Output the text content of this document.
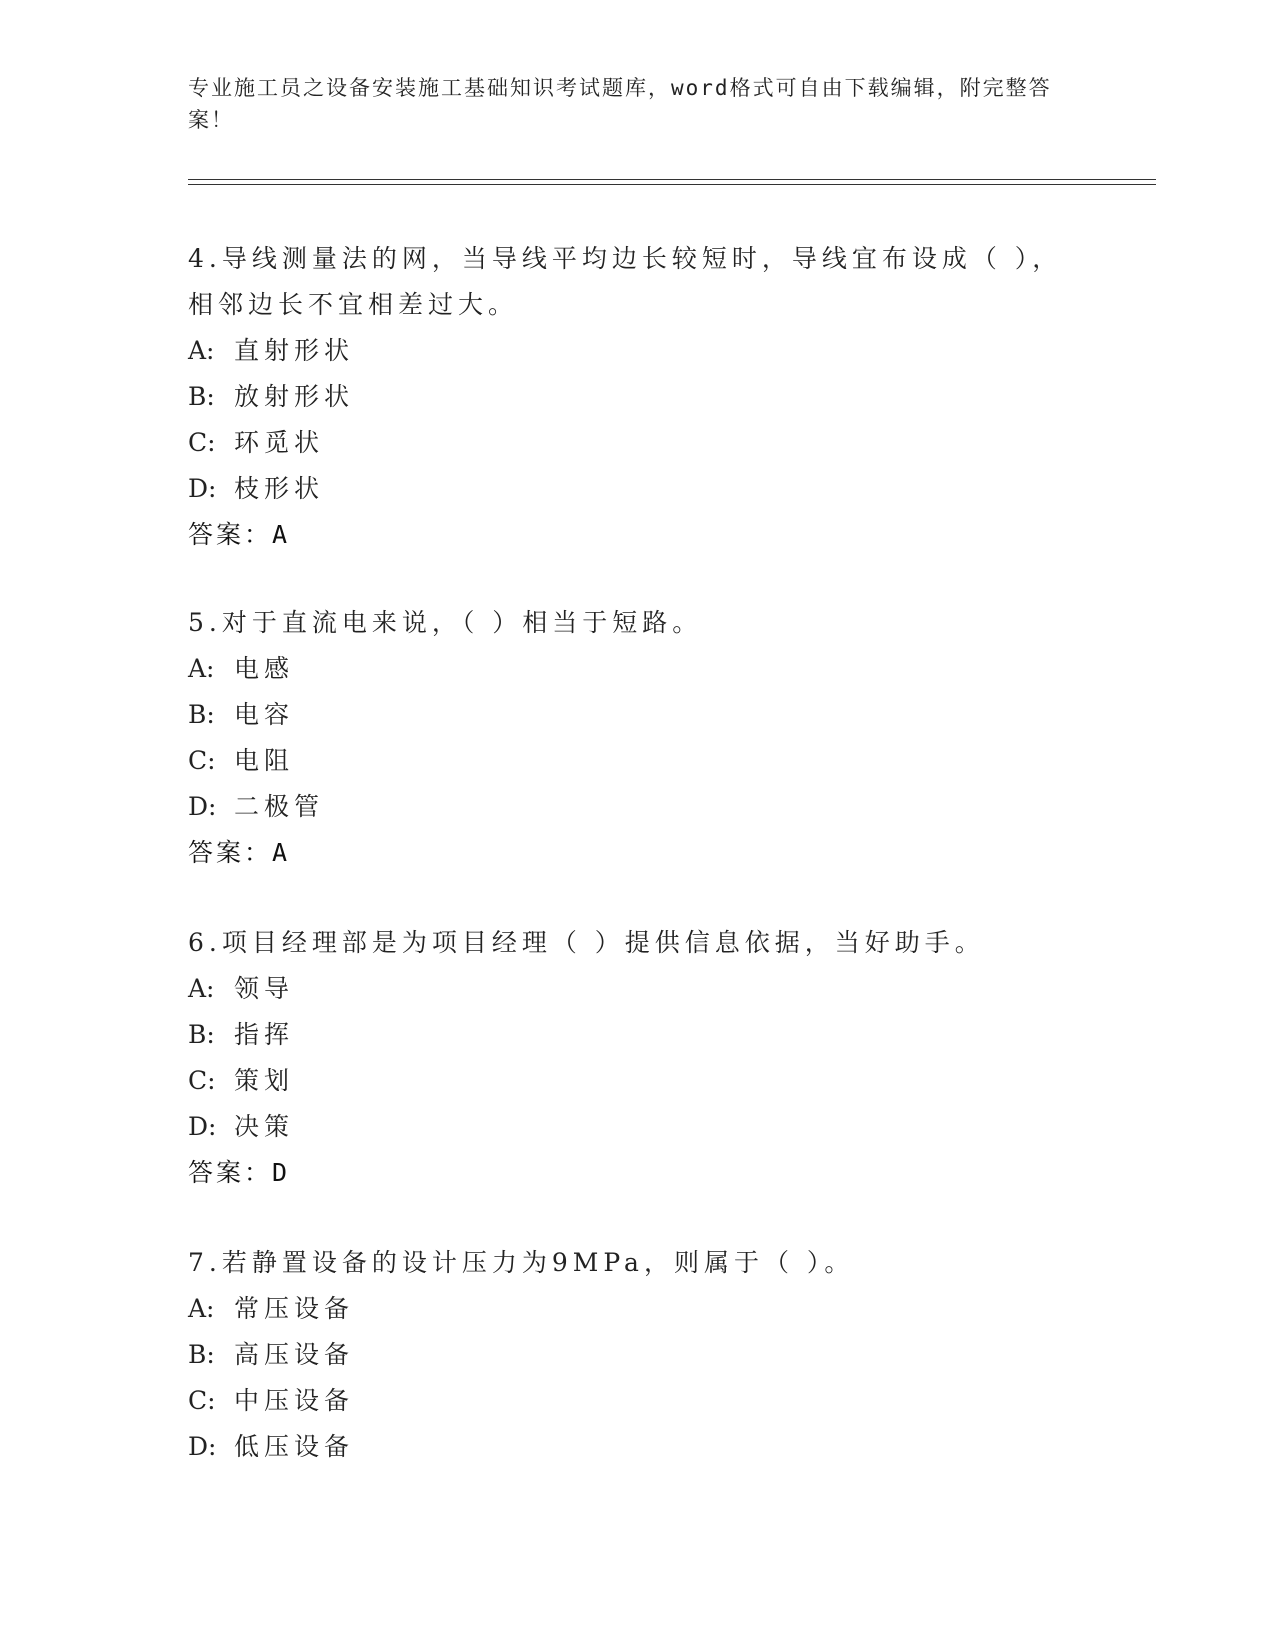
专业施工员之设备安装施工基础知识考试题库，word格式可自由下载编辑，附完整答案！

4.导线测量法的网，当导线平均边长较短时，导线宜布设成（ ），相邻边长不宜相差过大。

A: 直射形状

B: 放射形状

C: 环觅状

D: 枝形状

答案：A

5.对于直流电来说，（ ）相当于短路。

A: 电感

B: 电容

C: 电阻

D: 二极管

答案：A

6.项目经理部是为项目经理（ ）提供信息依据，当好助手。

A: 领导

B: 指挥

C: 策划

D: 决策

答案：D

7.若静置设备的设计压力为9MPa，则属于（ ）。

A: 常压设备

B: 高压设备

C: 中压设备

D: 低压设备
